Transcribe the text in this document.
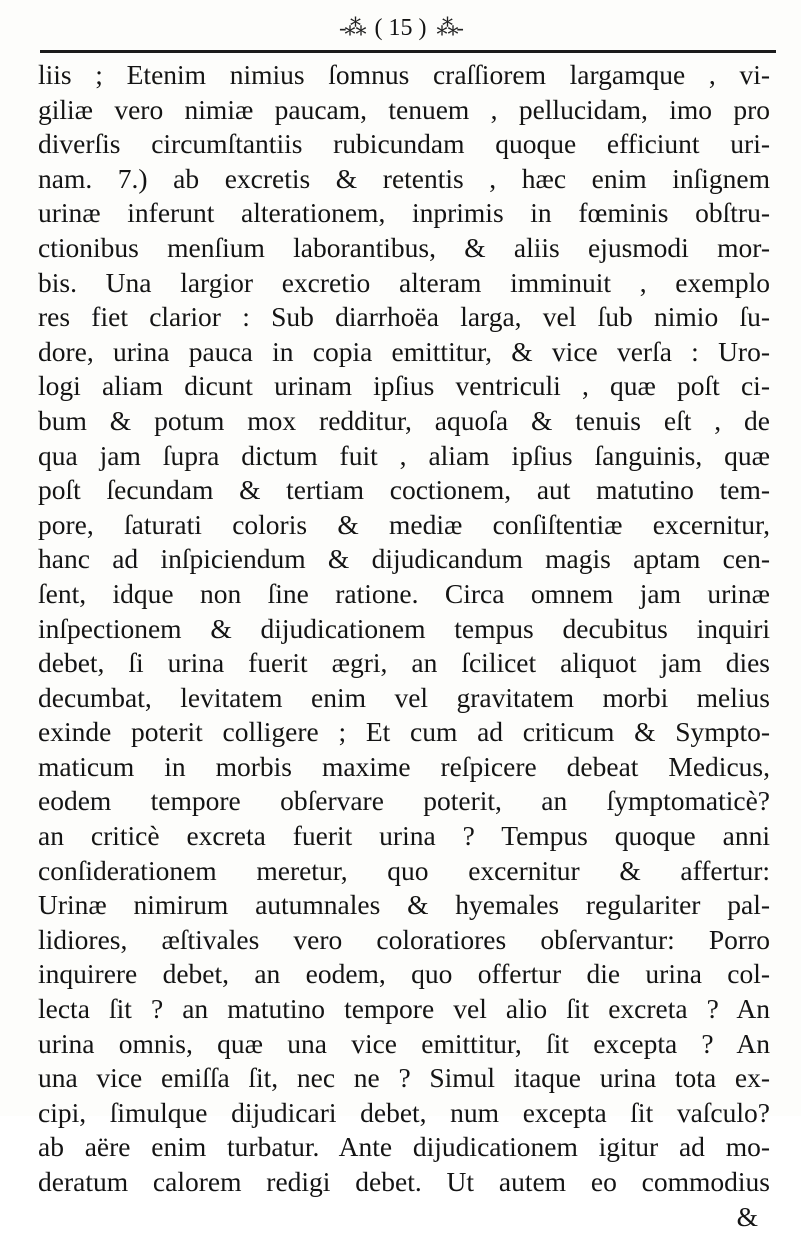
-⁂ ( 15 ) ⁂-
liis ; Etenim nimius ſomnus craſſiorem largamque , vi-
giliæ vero nimiæ paucam, tenuem , pellucidam, imo pro
diverſis circumſtantiis rubicundam quoque efficiunt uri-
nam. 7.) ab excretis & retentis , hæc enim inſignem
urinæ inferunt alterationem, inprimis in fœminis obſtru-
ctionibus menſium laborantibus, & aliis ejusmodi mor-
bis. Una largior excretio alteram imminuit , exemplo
res fiet clarior : Sub diarrhoëa larga, vel ſub nimio ſu-
dore, urina pauca in copia emittitur, & vice verſa : Uro-
logi aliam dicunt urinam ipſius ventriculi , quæ poſt ci-
bum & potum mox redditur, aquoſa & tenuis eſt , de
qua jam ſupra dictum fuit , aliam ipſius ſanguinis, quæ
poſt ſecundam & tertiam coctionem, aut matutino tem-
pore, ſaturati coloris & mediæ conſiſtentiæ excernitur,
hanc ad inſpiciendum & dijudicandum magis aptam cen-
ſent, idque non ſine ratione. Circa omnem jam urinæ
inſpectionem & dijudicationem tempus decubitus inquiri
debet, ſi urina fuerit ægri, an ſcilicet aliquot jam dies
decumbat, levitatem enim vel gravitatem morbi melius
exinde poterit colligere ; Et cum ad criticum & Sympto-
maticum in morbis maxime reſpicere debeat Medicus,
eodem tempore obſervare poterit, an ſymptomaticè?
an criticè excreta fuerit urina ? Tempus quoque anni
conſiderationem meretur, quo excernitur & affertur:
Urinæ nimirum autumnales & hyemales regulariter pal-
lidiores, æſtivales vero coloratiores obſervantur: Porro
inquirere debet, an eodem, quo offertur die urina col-
lecta ſit ? an matutino tempore vel alio ſit excreta ? An
urina omnis, quæ una vice emittitur, ſit excepta ? An
una vice emiſſa ſit, nec ne ? Simul itaque urina tota ex-
cipi, ſimulque dijudicari debet, num excepta ſit vaſculo?
ab aëre enim turbatur. Ante dijudicationem igitur ad mo-
deratum calorem redigi debet. Ut autem eo commodius
&
